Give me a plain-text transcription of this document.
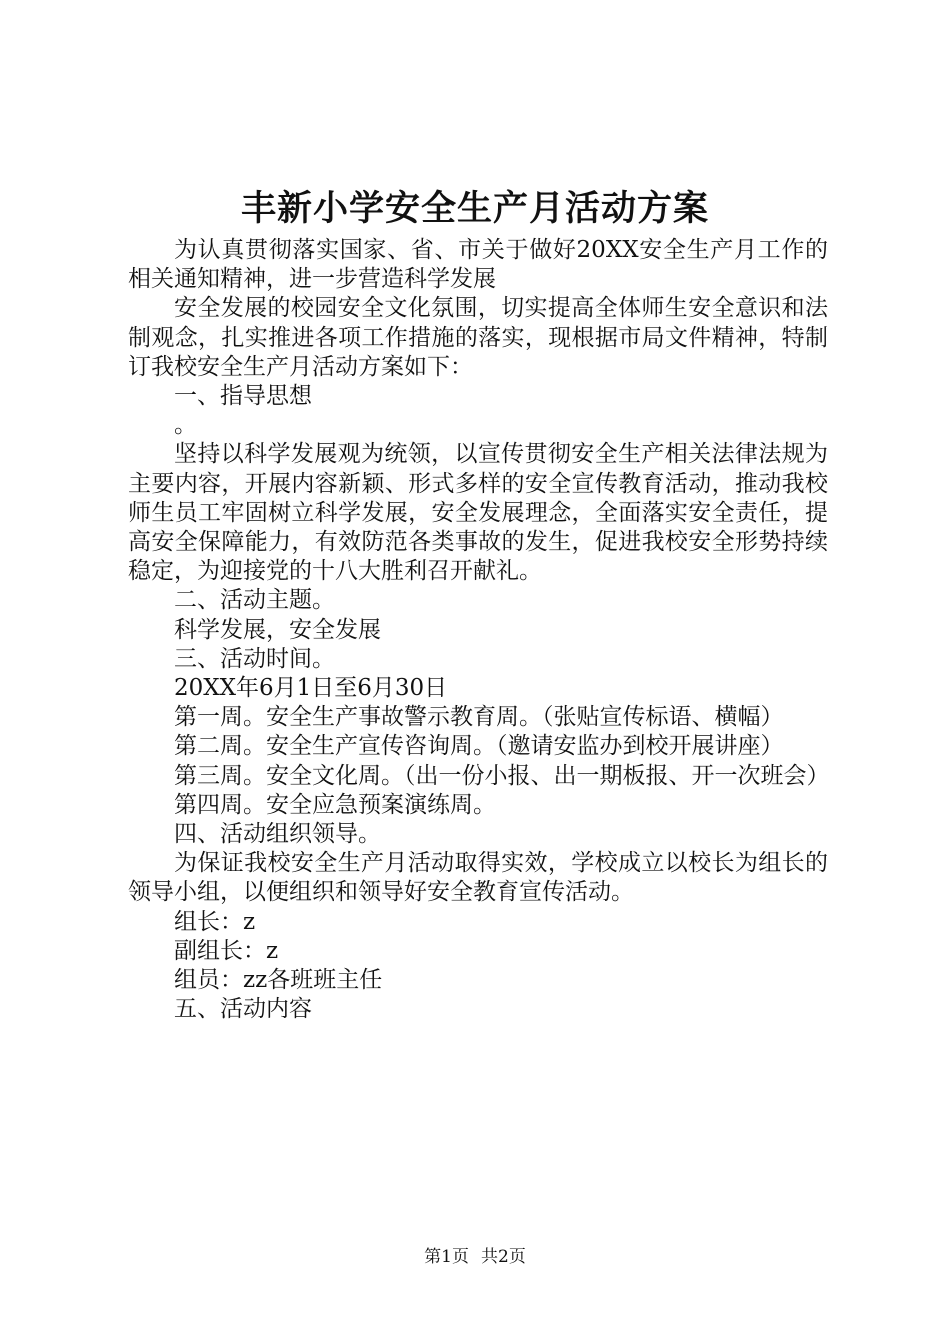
丰新小学安全生产月活动方案

为认真贯彻落实国家、省、市关于做好20XX安全生产月工作的相关通知精神，进一步营造科学发展

安全发展的校园安全文化氛围，切实提高全体师生安全意识和法制观念，扎实推进各项工作措施的落实，现根据市局文件精神，特制订我校安全生产月活动方案如下：

一、指导思想

。

坚持以科学发展观为统领，以宣传贯彻安全生产相关法律法规为主要内容，开展内容新颖、形式多样的安全宣传教育活动，推动我校师生员工牢固树立科学发展，安全发展理念，全面落实安全责任，提高安全保障能力，有效防范各类事故的发生，促进我校安全形势持续稳定，为迎接党的十八大胜利召开献礼。

二、活动主题。

科学发展，安全发展

三、活动时间。

20XX年6月1日至6月30日

第一周。安全生产事故警示教育周。（张贴宣传标语、横幅）

第二周。安全生产宣传咨询周。（邀请安监办到校开展讲座）

第三周。安全文化周。（出一份小报、出一期板报、开一次班会）

第四周。安全应急预案演练周。

四、活动组织领导。

为保证我校安全生产月活动取得实效，学校成立以校长为组长的领导小组，以便组织和领导好安全教育宣传活动。

组长：z

副组长：z

组员：zz各班班主任

五、活动内容

第1页 共2页
